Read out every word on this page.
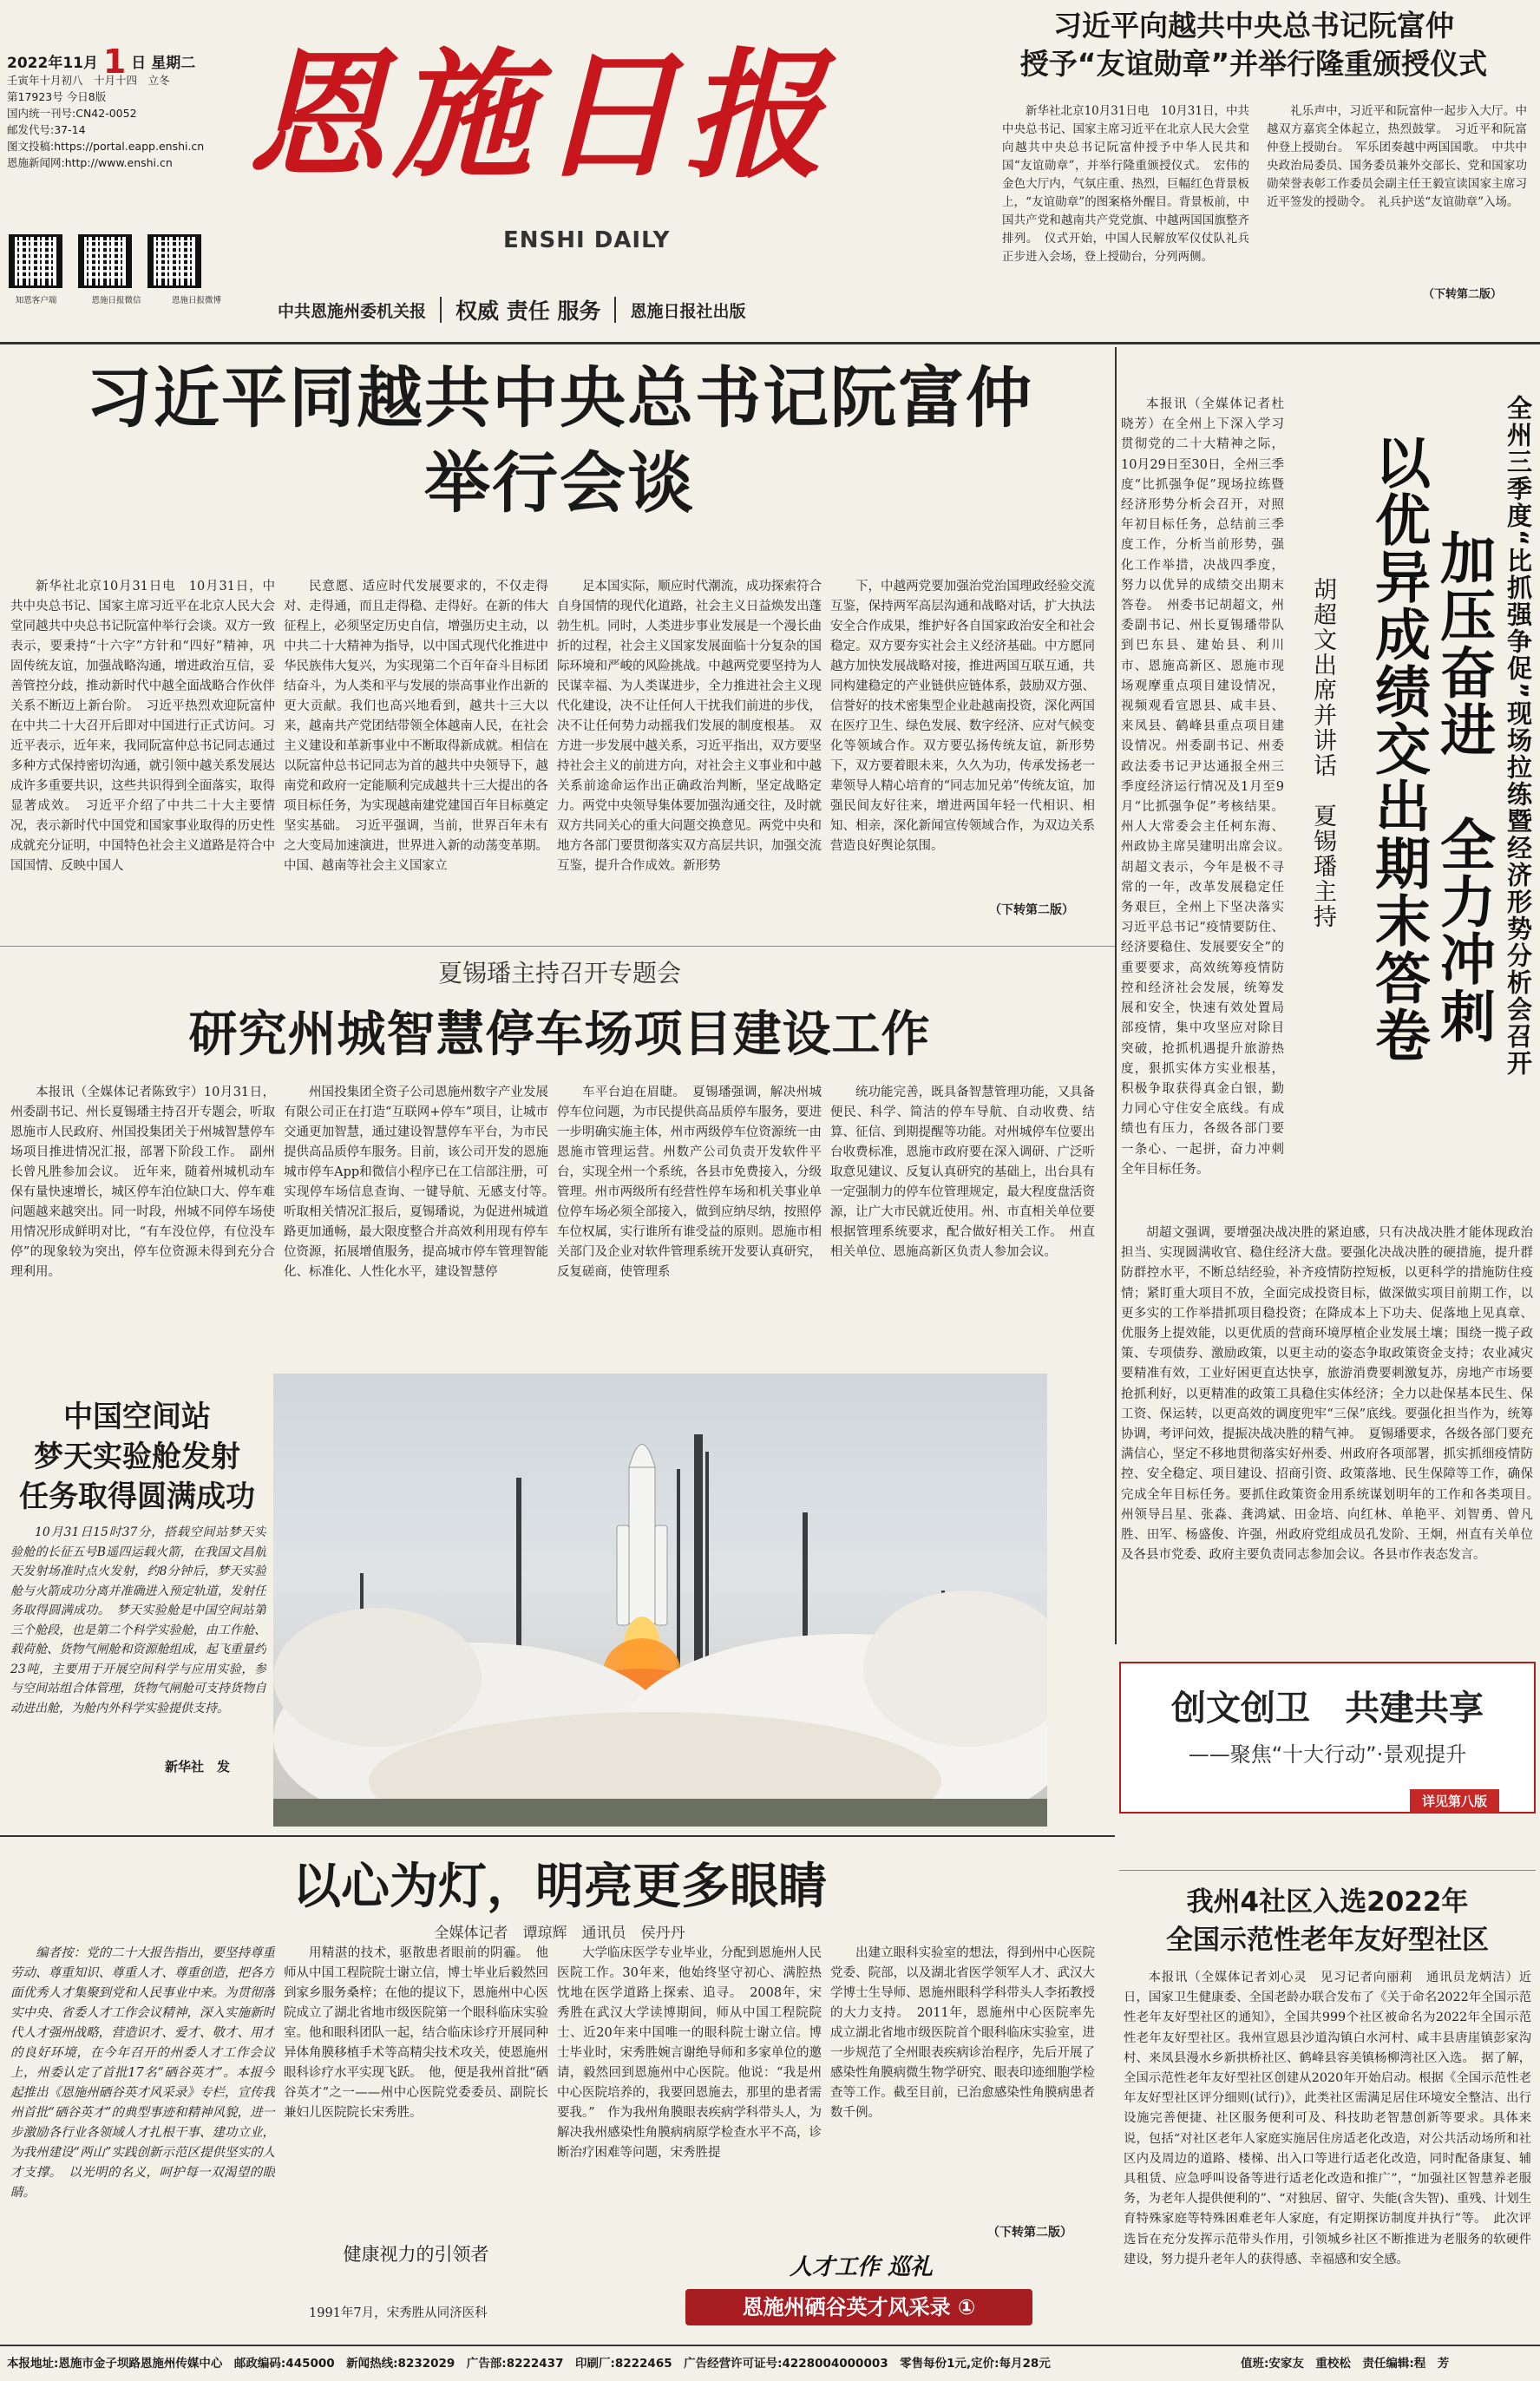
2022年11月 1 日 星期二
壬寅年十月初八　十月十四　立冬
第17923号 今日8版
国内统一刊号:CN42-0052
邮发代号:37-14
图文投稿:https://portal.eapp.enshi.cn
恩施新闻网:http://www.enshi.cn
知恩客户端	恩施日报微信	恩施日报微博
恩施日报
ENSHI DAILY
中共恩施州委机关报 权威 责任 服务 恩施日报社出版
习近平向越共中央总书记阮富仲
授予“友谊勋章”并举行隆重颁授仪式

新华社北京10月31日电　10月31日，中共中央总书记、国家主席习近平在北京人民大会堂向越共中央总书记阮富仲授予中华人民共和国“友谊勋章”，并举行隆重颁授仪式。　宏伟的金色大厅内，气氛庄重、热烈，巨幅红色背景板上，“友谊勋章”的图案格外醒目。背景板前，中国共产党和越南共产党党旗、中越两国国旗整齐排列。　仪式开始，中国人民解放军仪仗队礼兵正步进入会场，登上授勋台，分列两侧。

礼乐声中，习近平和阮富仲一起步入大厅。中越双方嘉宾全体起立，热烈鼓掌。　习近平和阮富仲登上授勋台。　军乐团奏越中两国国歌。　中共中央政治局委员、国务委员兼外交部长、党和国家功勋荣誉表彰工作委员会副主任王毅宣读国家主席习近平签发的授勋令。　礼兵护送“友谊勋章”入场。

（下转第二版）
习近平同越共中央总书记阮富仲
举行会谈

新华社北京10月31日电　10月31日，中共中央总书记、国家主席习近平在北京人民大会堂同越共中央总书记阮富仲举行会谈。双方一致表示，要秉持“十六字”方针和“四好”精神，巩固传统友谊，加强战略沟通，增进政治互信，妥善管控分歧，推动新时代中越全面战略合作伙伴关系不断迈上新台阶。　习近平热烈欢迎阮富仲在中共二十大召开后即对中国进行正式访问。习近平表示，近年来，我同阮富仲总书记同志通过多种方式保持密切沟通，就引领中越关系发展达成许多重要共识，这些共识得到全面落实，取得显著成效。　习近平介绍了中共二十大主要情况，表示新时代中国党和国家事业取得的历史性成就充分证明，中国特色社会主义道路是符合中国国情、反映中国人

民意愿、适应时代发展要求的，不仅走得对、走得通，而且走得稳、走得好。在新的伟大征程上，必须坚定历史自信，增强历史主动，以中共二十大精神为指导，以中国式现代化推进中华民族伟大复兴，为实现第二个百年奋斗目标团结奋斗，为人类和平与发展的崇高事业作出新的更大贡献。我们也高兴地看到，越共十三大以来，越南共产党团结带领全体越南人民，在社会主义建设和革新事业中不断取得新成就。相信在以阮富仲总书记同志为首的越共中央领导下，越南党和政府一定能顺利完成越共十三大提出的各项目标任务，为实现越南建党建国百年目标奠定坚实基础。　习近平强调，当前，世界百年未有之大变局加速演进，世界进入新的动荡变革期。中国、越南等社会主义国家立

足本国实际，顺应时代潮流，成功探索符合自身国情的现代化道路，社会主义日益焕发出蓬勃生机。同时，人类进步事业发展是一个漫长曲折的过程，社会主义国家发展面临十分复杂的国际环境和严峻的风险挑战。中越两党要坚持为人民谋幸福、为人类谋进步，全力推进社会主义现代化建设，决不让任何人干扰我们前进的步伐，决不让任何势力动摇我们发展的制度根基。　双方进一步发展中越关系，习近平指出，双方要坚持社会主义的前进方向，对社会主义事业和中越关系前途命运作出正确政治判断，坚定战略定力。两党中央领导集体要加强沟通交往，及时就双方共同关心的重大问题交换意见。两党中央和地方各部门要贯彻落实双方高层共识，加强交流互鉴，提升合作成效。新形势

下，中越两党要加强治党治国理政经验交流互鉴，保持两军高层沟通和战略对话，扩大执法安全合作成果，维护好各自国家政治安全和社会稳定。双方要夯实社会主义经济基础。中方愿同越方加快发展战略对接，推进两国互联互通，共同构建稳定的产业链供应链体系，鼓励双方强、信誉好的技术密集型企业赴越南投资，深化两国在医疗卫生、绿色发展、数字经济、应对气候变化等领域合作。双方要弘扬传统友谊，新形势下，双方要着眼未来，久久为功，传承发扬老一辈领导人精心培育的“同志加兄弟”传统友谊，加强民间友好往来，增进两国年轻一代相识、相知、相亲，深化新闻宣传领域合作，为双边关系营造良好舆论氛围。

（下转第二版）

本报讯（全媒体记者杜晓芳）在全州上下深入学习贯彻党的二十大精神之际，10月29日至30日，全州三季度“比抓强争促”现场拉练暨经济形势分析会召开，对照年初目标任务，总结前三季度工作，分析当前形势，强化工作举措，决战四季度，努力以优异的成绩交出期末答卷。　州委书记胡超文，州委副书记、州长夏锡璠带队到巴东县、建始县、利川市、恩施高新区、恩施市现场观摩重点项目建设情况，视频观看宣恩县、咸丰县、来凤县、鹤峰县重点项目建设情况。州委副书记、州委政法委书记尹达通报全州三季度经济运行情况及1月至9月“比抓强争促”考核结果。州人大常委会主任柯东海、州政协主席吴建明出席会议。　胡超文表示，今年是极不寻常的一年，改革发展稳定任务艰巨，全州上下坚决落实习近平总书记“疫情要防住、经济要稳住、发展要安全”的重要要求，高效统筹疫情防控和经济社会发展，统筹发展和安全，快速有效处置局部疫情，集中攻坚应对除目突破，抢抓机遇提升旅游热度，狠抓实体方实业根基，积极争取获得真金白银，勤力同心守住安全底线。有成绩也有压力，各级各部门要一条心、一起拼，奋力冲刺全年目标任务。

全州三季度“比抓强争促”现场拉练暨经济形势分析会召开
加压奋进　全力冲刺
以优异成绩交出期末答卷
胡超文出席并讲话　夏锡璠主持

胡超文强调，要增强决战决胜的紧迫感，只有决战决胜才能体现政治担当、实现圆满收官、稳住经济大盘。要强化决战决胜的硬措施，提升群防群控水平，不断总结经验，补齐疫情防控短板，以更科学的措施防住疫情；紧盯重大项目不放，全面完成投资目标，做深做实项目前期工作，以更多实的工作举措抓项目稳投资；在降成本上下功夫、促落地上见真章、优服务上提效能，以更优质的营商环境厚植企业发展土壤；围绕一揽子政策、专项债券、激励政策，以更主动的姿态争取政策资金支持；农业减灾要精准有效，工业好困更直达快享，旅游消费要刺激复苏，房地产市场要抢抓利好，以更精准的政策工具稳住实体经济；全力以赴保基本民生、保工资、保运转，以更高效的调度兜牢“三保”底线。要强化担当作为，统筹协调，考评问效，提振决战决胜的精气神。　夏锡璠要求，各级各部门要充满信心，坚定不移地贯彻落实好州委、州政府各项部署，抓实抓细疫情防控、安全稳定、项目建设、招商引资、政策落地、民生保障等工作，确保完成全年目标任务。要抓住政策资金用系统谋划明年的工作和各类项目。　州领导吕星、张淼、龚鸿斌、田金培、向红林、单艳平、刘智勇、曾凡胜、田军、杨盛俊、许强，州政府党组成员孔发阶、王炯，州直有关单位及各县市党委、政府主要负责同志参加会议。各县市作表态发言。

夏锡璠主持召开专题会
研究州城智慧停车场项目建设工作

本报讯（全媒体记者陈致宇）10月31日，州委副书记、州长夏锡璠主持召开专题会，听取恩施市人民政府、州国投集团关于州城智慧停车场项目推进情况汇报，部署下阶段工作。　副州长曾凡胜参加会议。　近年来，随着州城机动车保有量快速增长，城区停车泊位缺口大、停车难问题越来越突出。同一时段，州城不同停车场使用情况形成鲜明对比，“有车没位停，有位没车停”的现象较为突出，停车位资源未得到充分合理利用。

州国投集团全资子公司恩施州数字产业发展有限公司正在打造“互联网+停车”项目，让城市交通更加智慧，通过建设智慧停车平台，为市民提供高品质停车服务。目前，该公司开发的恩施城市停车App和微信小程序已在工信部注册，可实现停车场信息查询、一键导航、无感支付等。　听取相关情况汇报后，夏锡璠说，为促进州城道路更加通畅，最大限度整合并高效利用现有停车位资源，拓展增值服务，提高城市停车管理智能化、标准化、人性化水平，建设智慧停

车平台迫在眉睫。　夏锡璠强调，解决州城停车位问题，为市民提供高品质停车服务，要进一步明确实施主体，州市两级停车位资源统一由恩施市管理运营。州数产公司负责开发软件平台，实现全州一个系统，各县市免费接入，分级管理。州市两级所有经营性停车场和机关事业单位停车场必须全部接入，做到应纳尽纳，按照停车位权属，实行谁所有谁受益的原则。恩施市相关部门及企业对软件管理系统开发要认真研究，反复磋商，使管理系

统功能完善，既具备智慧管理功能，又具备便民、科学、简洁的停车导航、自动收费、结算、征信、到期提醒等功能。对州城停车位要出台收费标准，恩施市政府要在深入调研、广泛听取意见建议、反复认真研究的基础上，出台具有一定强制力的停车位管理规定，最大程度盘活资源，让广大市民就近使用。州、市直相关单位要根据管理系统要求，配合做好相关工作。　州直相关单位、恩施高新区负责人参加会议。

中国空间站
梦天实验舱发射
任务取得圆满成功

10月31日15时37分，搭载空间站梦天实验舱的长征五号B遥四运载火箭，在我国文昌航天发射场准时点火发射，约8分钟后，梦天实验舱与火箭成功分离并准确进入预定轨道，发射任务取得圆满成功。　梦天实验舱是中国空间站第三个舱段，也是第二个科学实验舱，由工作舱、载荷舱、货物气闸舱和资源舱组成，起飞重量约23吨，主要用于开展空间科学与应用实验，参与空间站组合体管理，货物气闸舱可支持货物自动进出舱，为舱内外科学实验提供支持。

新华社　发
创文创卫　共建共享
——聚焦“十大行动”·景观提升
详见第八版
以心为灯，明亮更多眼睛
全媒体记者　谭琼辉　通讯员　侯丹丹

编者按：党的二十大报告指出，要坚持尊重劳动、尊重知识、尊重人才、尊重创造，把各方面优秀人才集聚到党和人民事业中来。为贯彻落实中央、省委人才工作会议精神，深入实施新时代人才强州战略，营造识才、爱才、敬才、用才的良好环境，在今年召开的州委人才工作会议上，州委认定了首批17名“硒谷英才”。本报今起推出《恩施州硒谷英才风采录》专栏，宣传我州首批“硒谷英才”的典型事迹和精神风貌，进一步激励各行业各领域人才扎根干事、建功立业，为我州建设“两山”实践创新示范区提供坚实的人才支撑。　以光明的名义，呵护每一双渴望的眼睛。

用精湛的技术，驱散患者眼前的阴霾。　他师从中国工程院院士谢立信，博士毕业后毅然回到家乡服务桑梓；在他的提议下，恩施州中心医院成立了湖北省地市级医院第一个眼科临床实验室。他和眼科团队一起，结合临床诊疗开展同种异体角膜移植手术等高精尖技术攻关，使恩施州眼科诊疗水平实现飞跃。　他，便是我州首批“硒谷英才”之一——州中心医院党委委员、副院长兼妇儿医院院长宋秀胜。

健康视力的引领者

1991年7月，宋秀胜从同济医科

大学临床医学专业毕业，分配到恩施州人民医院工作。30年来，他始终坚守初心、满腔热忱地在医学道路上探索、追寻。　2008年，宋秀胜在武汉大学读博期间，师从中国工程院院士、近20年来中国唯一的眼科院士谢立信。博士毕业时，宋秀胜婉言谢绝导师和多家单位的邀请，毅然回到恩施州中心医院。他说：“我是州中心医院培养的，我要回恩施去，那里的患者需要我。”　作为我州角膜眼表疾病学科带头人，为解决我州感染性角膜病病原学检查水平不高，诊断治疗困难等问题，宋秀胜提

出建立眼科实验室的想法，得到州中心医院党委、院部，以及湖北省医学领军人才、武汉大学博士生导师、恩施州眼科学科带头人李拓教授的大力支持。　2011年，恩施州中心医院率先成立湖北省地市级医院首个眼科临床实验室，进一步规范了全州眼表疾病诊治程序，先后开展了感染性角膜病微生物学研究、眼表印迹细胞学检查等工作。截至目前，已治愈感染性角膜病患者数千例。

（下转第二版）
人才工作 巡礼
恩施州硒谷英才风采录 ①
我州4社区入选2022年
全国示范性老年友好型社区

本报讯（全媒体记者刘心灵　见习记者向丽莉　通讯员龙炳洁）近日，国家卫生健康委、全国老龄办联合发布了《关于命名2022年全国示范性老年友好型社区的通知》，全国共999个社区被命名为2022年全国示范性老年友好型社区。我州宣恩县沙道沟镇白水河村、咸丰县唐崖镇彭家沟村、来凤县漫水乡新拱桥社区、鹤峰县容美镇杨柳湾社区入选。　据了解，全国示范性老年友好型社区创建从2020年开始启动。根据《全国示范性老年友好型社区评分细则(试行)》，此类社区需满足居住环境安全整洁、出行设施完善便捷、社区服务便利可及、科技助老智慧创新等要求。具体来说，包括“对社区老年人家庭实施居住房适老化改造，对公共活动场所和社区内及周边的道路、楼梯、出入口等进行适老化改造，同时配备康复、辅具租赁、应急呼叫设备等进行适老化改造和推广”，“加强社区智慧养老服务，为老年人提供便利的”、“对独居、留守、失能(含失智)、重残、计划生育特殊家庭等特殊困难老年人家庭，有定期探访制度并执行”等。　此次评选旨在充分发挥示范带头作用，引领城乡社区不断推进为老服务的软硬件建设，努力提升老年人的获得感、幸福感和安全感。

本报地址:恩施市金子坝路恩施州传媒中心　邮政编码:445000　新闻热线:8232029　广告部:8222437　印刷厂:8222465　广告经营许可证号:4228004000003　零售每份1元,定价:每月28元	值班:安家友　重校松　责任编辑:程　芳
